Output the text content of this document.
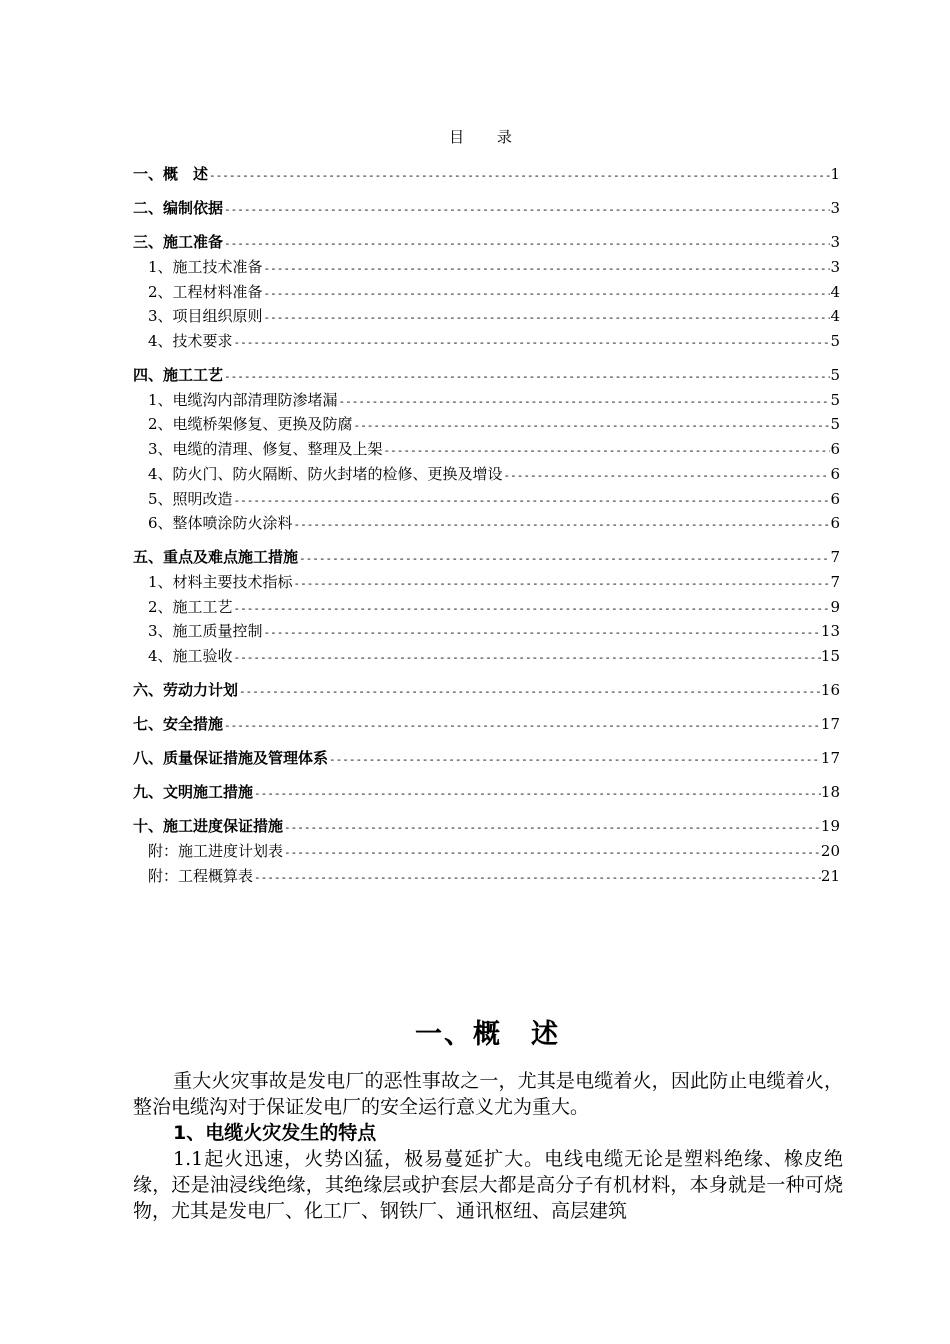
目 录
一、概　述 -----	1
二、编制依据 -----	3
三、施工准备 -----	3
1、施工技术准备 -----	3
2、工程材料准备 -----	4
3、项目组织原则 -----	4
4、技术要求 -----	5
四、施工工艺 -----	5
1、电缆沟内部清理防渗堵漏 -----	5
2、电缆桥架修复、更换及防腐 -----	5
3、电缆的清理、修复、整理及上架 -----	6
4、防火门、防火隔断、防火封堵的检修、更换及增设 -----	6
5、照明改造 -----	6
6、整体喷涂防火涂料 -----	6
五、重点及难点施工措施 -----	7
1、材料主要技术指标 -----	7
2、施工工艺 -----	9
3、施工质量控制 -----	13
4、施工验收 -----	15
六、劳动力计划 -----	16
七、安全措施 -----	17
八、质量保证措施及管理体系 -----	17
九、文明施工措施 -----	18
十、施工进度保证措施 -----	19
附：施工进度计划表 -----	20
附：工程概算表 -----	21
一、概　述

重大火灾事故是发电厂的恶性事故之一，尤其是电缆着火，因此防止电缆着火，整治电缆沟对于保证发电厂的安全运行意义尤为重大。

1、电缆火灾发生的特点

1.1起火迅速，火势凶猛，极易蔓延扩大。电线电缆无论是塑料绝缘、橡皮绝缘，还是油浸线绝缘，其绝缘层或护套层大都是高分子有机材料，本身就是一种可烧物，尤其是发电厂、化工厂、钢铁厂、通讯枢纽、高层建筑
